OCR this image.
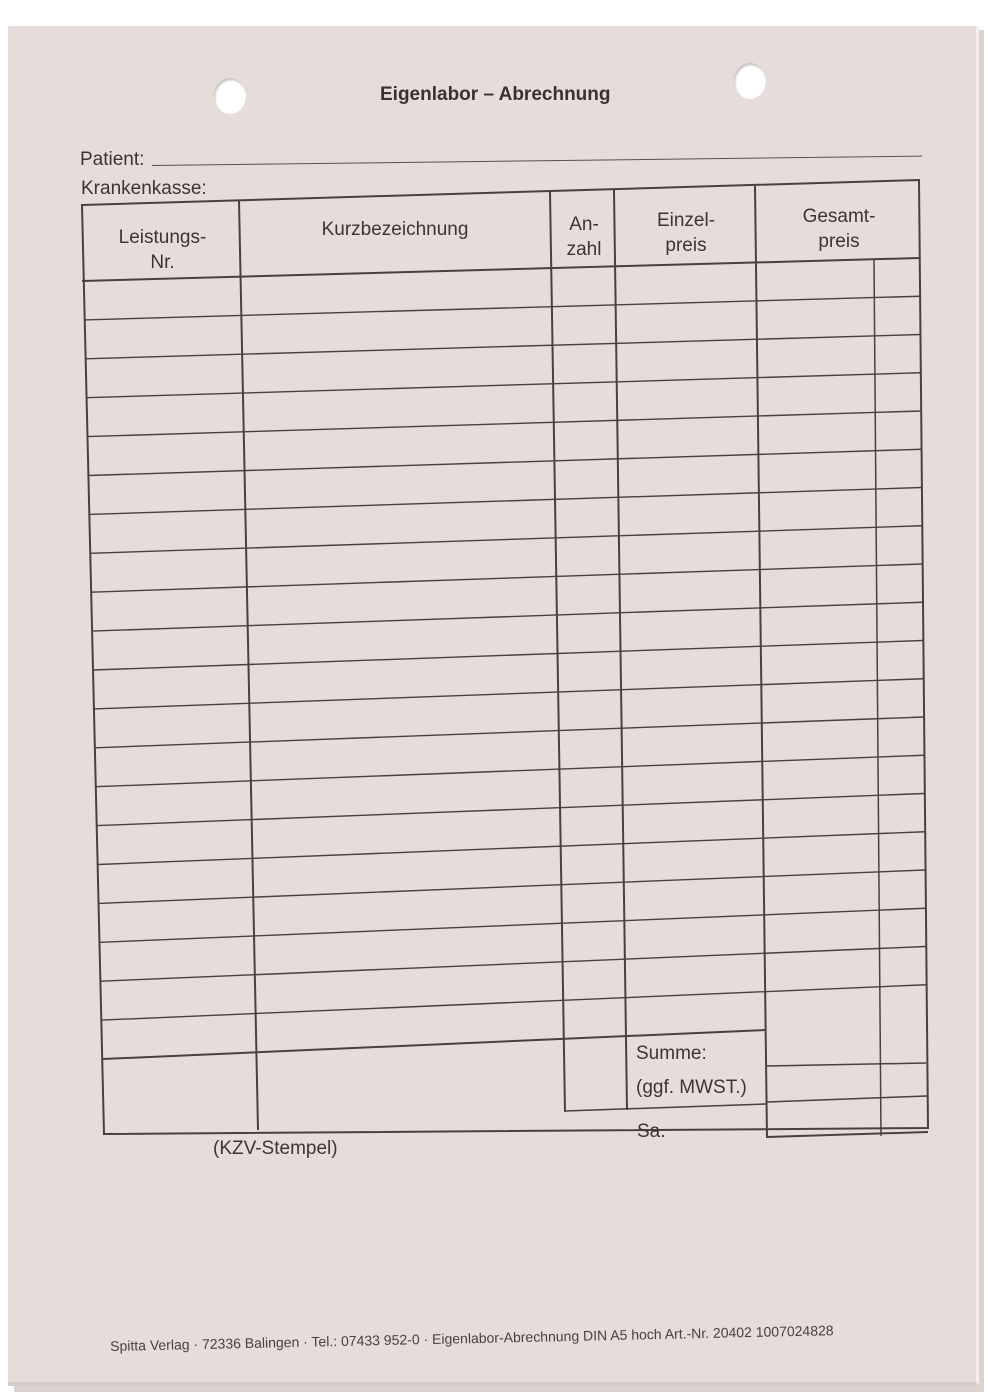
Eigenlabor – Abrechnung
Patient:
Krankenkasse:
Leistungs-
Nr.
Kurzbezeichnung	An-
zahl
Einzel-
preis
Gesamt-
preis
Summe:
(ggf. MWST.)
Sa.
(KZV-Stempel)
Spitta Verlag · 72336 Balingen · Tel.: 07433 952-0 · Eigenlabor-Abrechnung DIN A5 hoch Art.-Nr. 20402 1007024828
